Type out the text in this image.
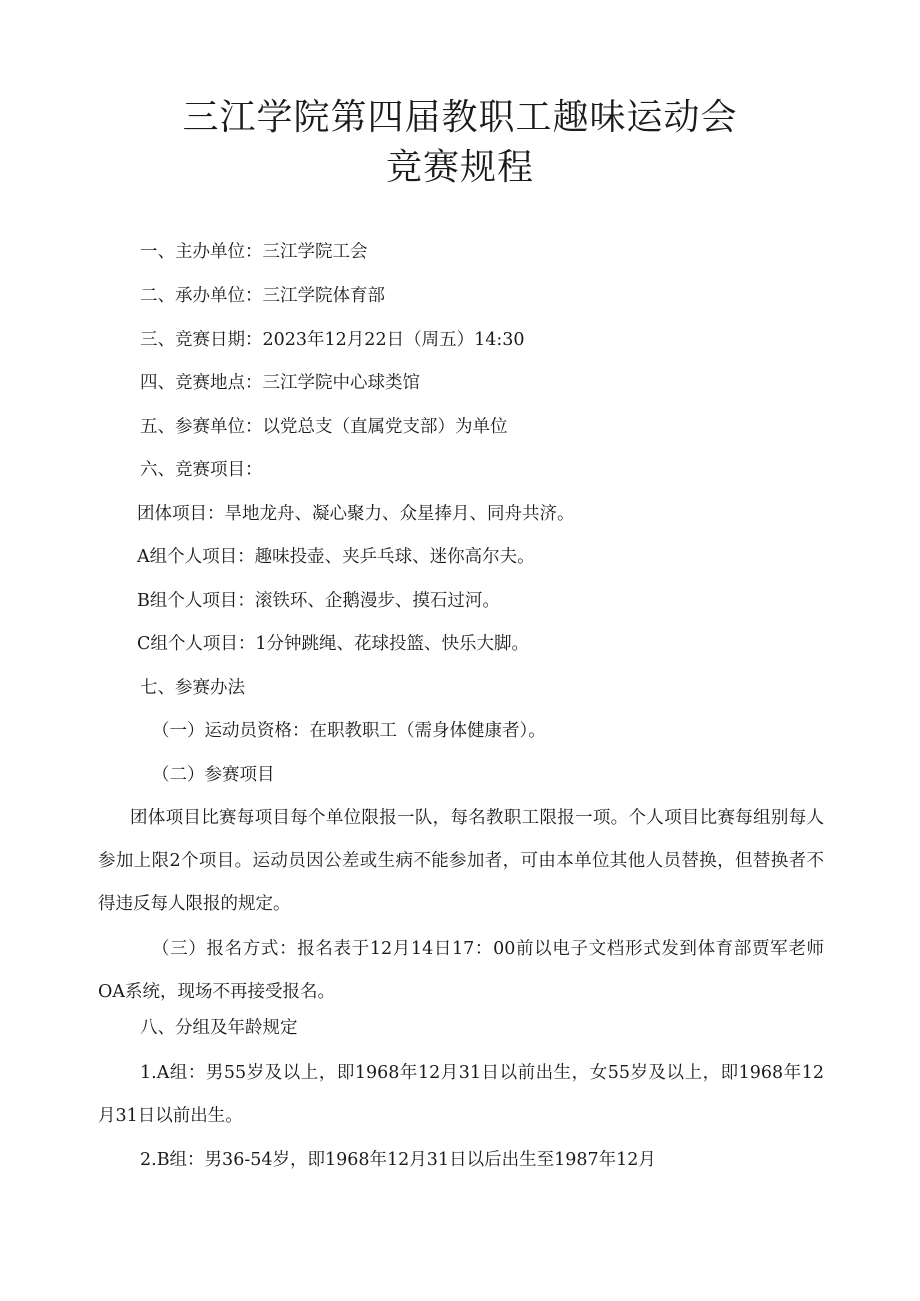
三江学院第四届教职工趣味运动会
竞赛规程

一、主办单位：三江学院工会

二、承办单位：三江学院体育部

三、竞赛日期：2023年12月22日（周五）14:30

四、竞赛地点：三江学院中心球类馆

五、参赛单位：以党总支（直属党支部）为单位

六、竞赛项目：

团体项目：旱地龙舟、凝心聚力、众星捧月、同舟共济。

A组个人项目：趣味投壶、夹乒乓球、迷你高尔夫。

B组个人项目：滚铁环、企鹅漫步、摸石过河。

C组个人项目：1分钟跳绳、花球投篮、快乐大脚。

七、参赛办法

（一）运动员资格：在职教职工（需身体健康者）。

（二）参赛项目

团体项目比赛每项目每个单位限报一队，每名教职工限报一项。个人项目比赛每组别每人参加上限2个项目。运动员因公差或生病不能参加者，可由本单位其他人员替换，但替换者不得违反每人限报的规定。

（三）报名方式：报名表于12月14日17：00前以电子文档形式发到体育部贾军老师OA系统，现场不再接受报名。

八、分组及年龄规定

1.A组：男55岁及以上，即1968年12月31日以前出生，女55岁及以上，即1968年12月31日以前出生。

2.B组：男36-54岁，即1968年12月31日以后出生至1987年12月
